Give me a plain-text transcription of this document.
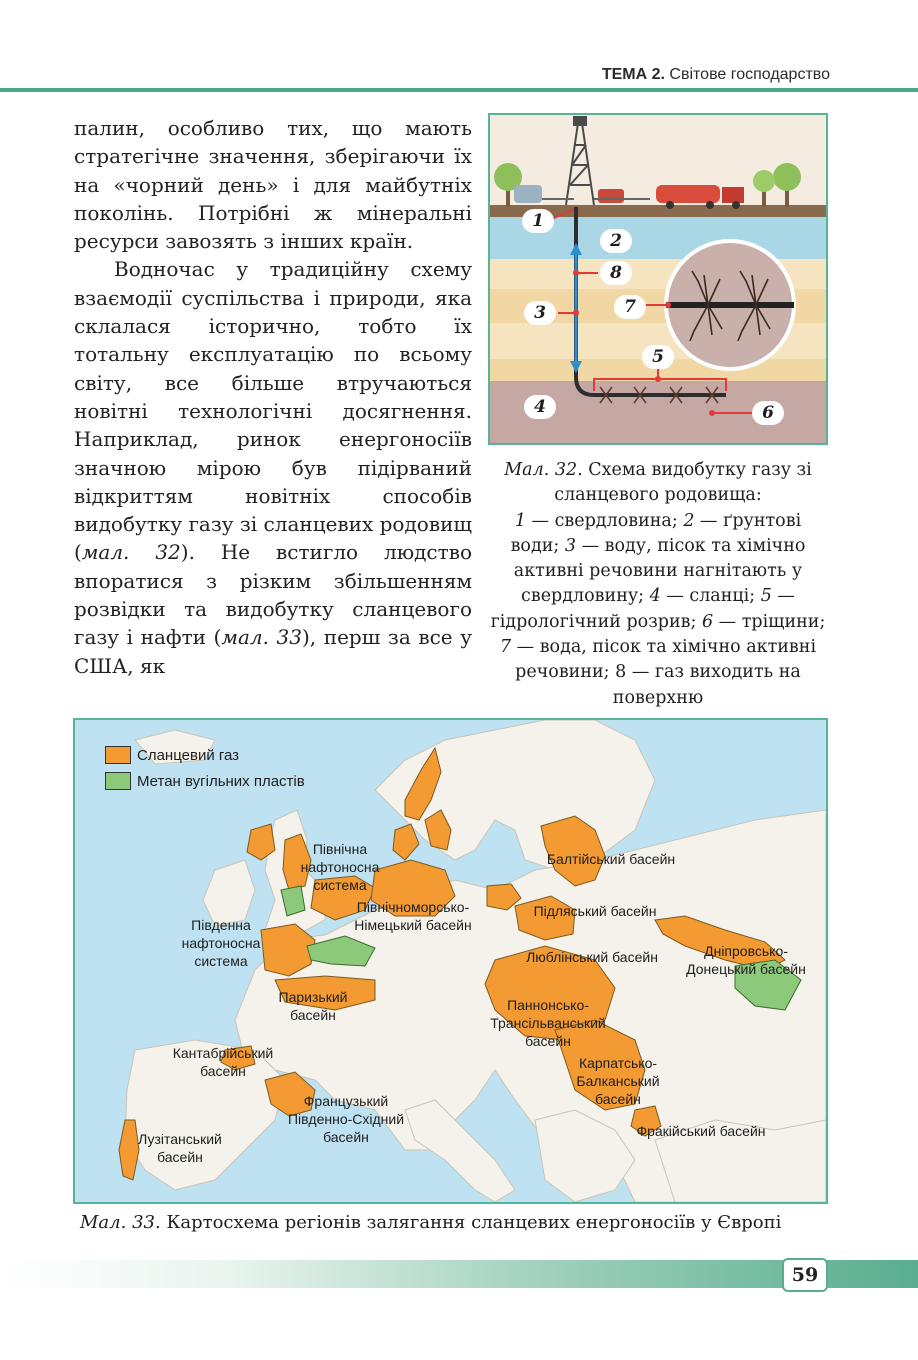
ТЕМА 2. Світове господарство

палин, особливо тих, що мають стратегічне значення, зберігаючи їх на «чорний день» і для майбутніх поколінь. Потрібні ж мінеральні ресурси завозять з інших країн.

Водночас у традиційну схему взаємодії суспільства і природи, яка склалася історично, тобто їх тотальну експлуатацію по всьому світу, все більше втручаються новітні технологічні досягнення. Наприклад, ринок енергоносіїв значною мірою був підірваний відкриттям новітніх способів видобутку газу зі сланцевих родовищ (мал. 32). Не встигло людство впоратися з різким збільшенням розвідки та видобутку сланцевого газу і нафти (мал. 33), перш за все у США, як

1
2
3
4
5
6
7
8
Мал. 32. Схема видобутку газу зі сланцевого родовища:
1 — свердловина; 2 — ґрунтові води; 3 — воду, пісок та хімічно активні речовини нагнітають у свердловину; 4 — сланці; 5 — гідрологічний розрив; 6 — тріщини; 7 — вода, пісок та хімічно активні речовини; 8 — газ виходить на поверхню
Сланцевий газ
Метан вугільних пластів
Північна нафтоносна система
Південна нафтоносна система
Північноморсько-Німецький басейн
Паризький басейн
Кантабрійський басейн
Лузітанський басейн
Французький Південно-Східний басейн
Балтійський басейн
Підляський басейн
Люблінський басейн
Паннонсько-Трансільванський басейн
Карпатсько-Балканський басейн
Фракійський басейн
Дніпровсько-Донецький басейн
Мал. 33. Картосхема регіонів залягання сланцевих енергоносіїв у Європі
59
